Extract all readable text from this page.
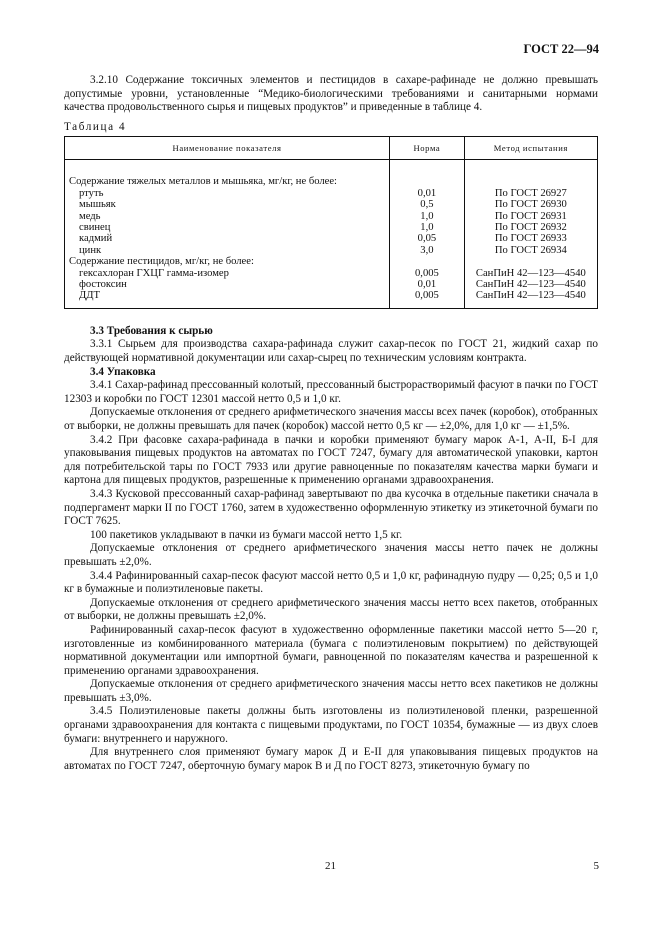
ГОСТ 22—94

3.2.10 Содержание токсичных элементов и пестицидов в сахаре-рафинаде не должно превышать допустимые уровни, установленные “Медико-биологическими требованиями и санитарными нормами качества продовольственного сырья и пищевых продуктов” и приведенные в таблице 4.

Таблица 4
Наименование показателя	Норма	Метод испытания

Содержание тяжелых металлов и мышьяка, мг/кг, не более:		
ртуть	0,01	По ГОСТ 26927
мышьяк	0,5	По ГОСТ 26930
медь	1,0	По ГОСТ 26931
свинец	1,0	По ГОСТ 26932
кадмий	0,05	По ГОСТ 26933
цинк	3,0	По ГОСТ 26934
Содержание пестицидов, мг/кг, не более:		
гексахлоран ГХЦГ гамма-изомер	0,005	СанПиН 42—123—4540
фостоксин	0,01	СанПиН 42—123—4540
ДДТ	0,005	СанПиН 42—123—4540

3.3 Требования к сырью

3.3.1 Сырьем для производства сахара-рафинада служит сахар-песок по ГОСТ 21, жидкий сахар по действующей нормативной документации или сахар-сырец по техническим условиям контракта.

3.4 Упаковка

3.4.1 Сахар-рафинад прессованный колотый, прессованный быстрорастворимый фасуют в пачки по ГОСТ 12303 и коробки по ГОСТ 12301 массой нетто 0,5 и 1,0 кг.

Допускаемые отклонения от среднего арифметического значения массы всех пачек (коробок), отобранных от выборки, не должны превышать для пачек (коробок) массой нетто 0,5 кг — ±2,0%, для 1,0 кг — ±1,5%.

3.4.2 При фасовке сахара-рафинада в пачки и коробки применяют бумагу марок А-1, А-II, Б-I для упаковывания пищевых продуктов на автоматах по ГОСТ 7247, бумагу для автоматической упаковки, картон для потребительской тары по ГОСТ 7933 или другие равноценные по показателям качества марки бумаги и картона для пищевых продуктов, разрешенные к применению органами здравоохранения.

3.4.3 Кусковой прессованный сахар-рафинад завертывают по два кусочка в отдельные пакетики сначала в подпергамент марки II по ГОСТ 1760, затем в художественно оформленную этикетку из этикеточной бумаги по ГОСТ 7625.

100 пакетиков укладывают в пачки из бумаги массой нетто 1,5 кг.

Допускаемые отклонения от среднего арифметического значения массы нетто пачек не должны превышать ±2,0%.

3.4.4 Рафинированный сахар-песок фасуют массой нетто 0,5 и 1,0 кг, рафинадную пудру — 0,25; 0,5 и 1,0 кг в бумажные и полиэтиленовые пакеты.

Допускаемые отклонения от среднего арифметического значения массы нетто всех пакетов, отобранных от выборки, не должны превышать ±2,0%.

Рафинированный сахар-песок фасуют в художественно оформленные пакетики массой нетто 5—20 г, изготовленные из комбинированного материала (бумага с полиэтиленовым покрытием) по действующей нормативной документации или импортной бумаги, равноценной по показателям качества и разрешенной к применению органами здравоохранения.

Допускаемые отклонения от среднего арифметического значения массы нетто всех пакетиков не должны превышать ±3,0%.

3.4.5 Полиэтиленовые пакеты должны быть изготовлены из полиэтиленовой пленки, разрешенной органами здравоохранения для контакта с пищевыми продуктами, по ГОСТ 10354, бумажные — из двух слоев бумаги: внутреннего и наружного.

Для внутреннего слоя применяют бумагу марок Д и Е-II для упаковывания пищевых продуктов на автоматах по ГОСТ 7247, оберточную бумагу марок В и Д по ГОСТ 8273, этикеточную бумагу по

21	5
